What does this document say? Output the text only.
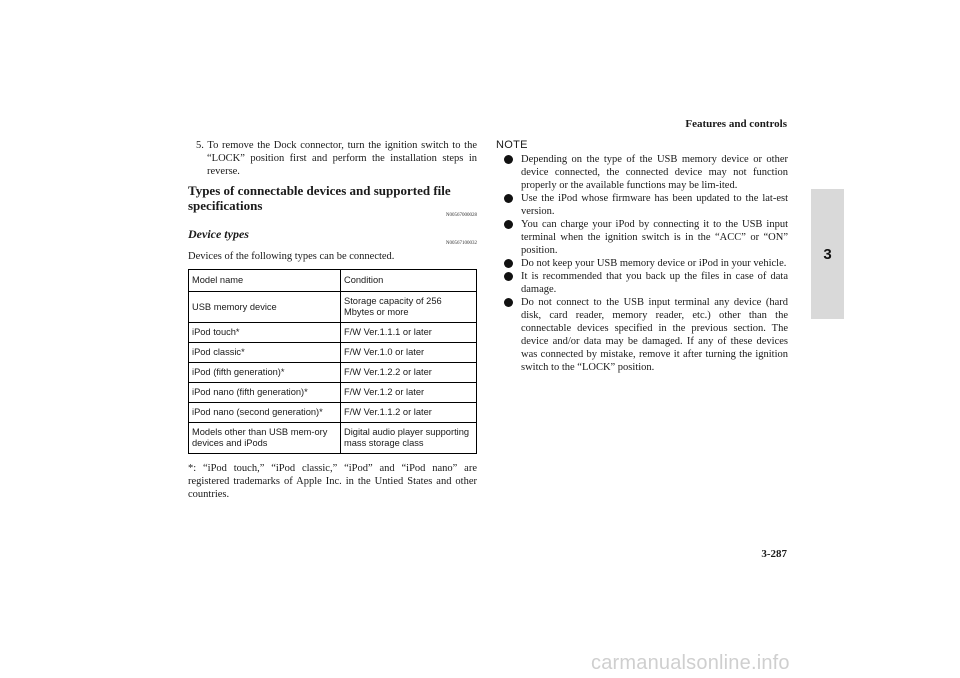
Features and controls
3

5. To remove the Dock connector, turn the ignition switch to the “LOCK” position first and perform the installation steps in reverse.

Types of connectable devices and supported file specifications

N00567000028

Device types

N00567100032

Devices of the following types can be connected.

Model name	Condition
USB memory device	Storage capacity of 256 Mbytes or more
iPod touch*	F/W Ver.1.1.1 or later
iPod classic*	F/W Ver.1.0 or later
iPod (fifth generation)*	F/W Ver.1.2.2 or later
iPod nano (fifth generation)*	F/W Ver.1.2 or later
iPod nano (second generation)*	F/W Ver.1.1.2 or later
Models other than USB mem-ory devices and iPods	Digital audio player supporting mass storage class

*: “iPod touch,” “iPod classic,” “iPod” and “iPod nano” are registered trademarks of Apple Inc. in the Untied States and other countries.

NOTE

Depending on the type of the USB memory device or other device connected, the connected device may not function properly or the available functions may be lim-ited.
Use the iPod whose firmware has been updated to the lat-est version.
You can charge your iPod by connecting it to the USB input terminal when the ignition switch is in the “ACC” or “ON” position.
Do not keep your USB memory device or iPod in your vehicle.
It is recommended that you back up the files in case of data damage.
Do not connect to the USB input terminal any device (hard disk, card reader, memory reader, etc.) other than the connectable devices specified in the previous section. The device and/or data may be damaged. If any of these devices was connected by mistake, remove it after turning the ignition switch to the “LOCK” position.
3-287
carmanualsonline.info
